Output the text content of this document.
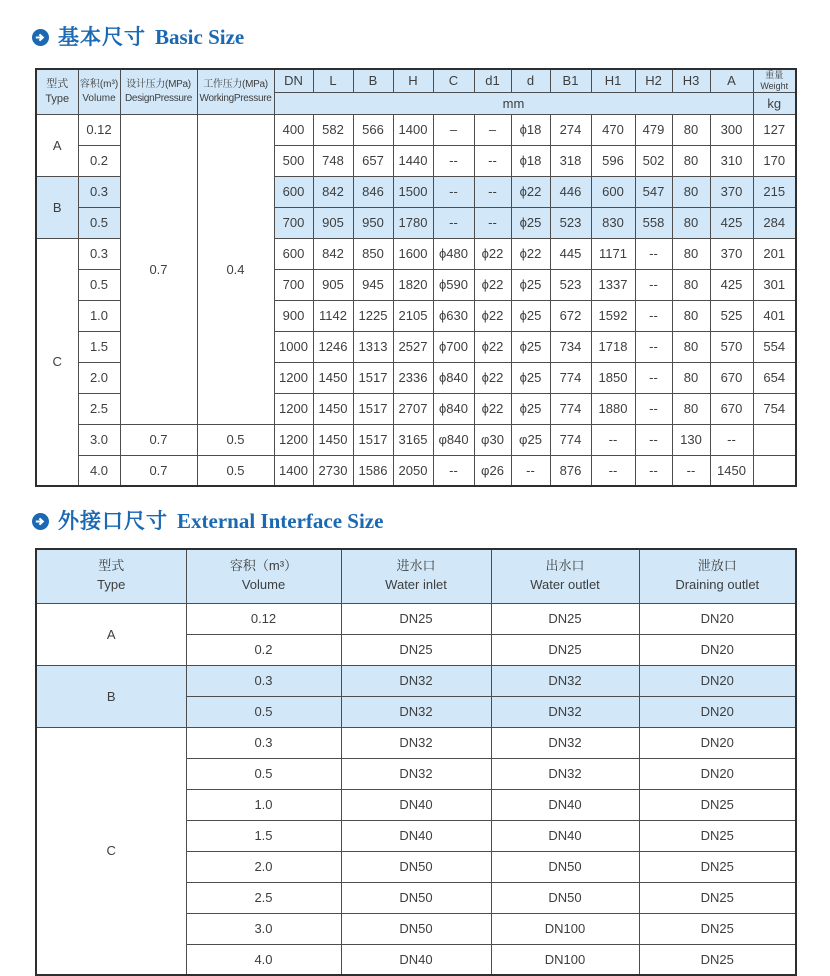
基本尺寸 Basic Size
型式
Type

容积(m³)
Volume

设计压力(MPa)
DesignPressure

工作压力(MPa)
WorkingPressure
	DN	L	B	H	C	d1	d	B1	H1	H2	H3	A	重量
Weight

				mm												kg
A	0.12	0.7	0.4	400	582	566	1400	–	–	ϕ18	274	470	479	80	300	127
	0.2			500	748	657	1440	--	--	ϕ18	318	596	502	80	310	170
B	0.3			600	842	846	1500	--	--	ϕ22	446	600	547	80	370	215
	0.5			700	905	950	1780	--	--	ϕ25	523	830	558	80	425	284
C	0.3			600	842	850	1600	ϕ480	ϕ22	ϕ22	445	1171	--	80	370	201
	0.5			700	905	945	1820	ϕ590	ϕ22	ϕ25	523	1337	--	80	425	301
	1.0			900	1142	1225	2105	ϕ630	ϕ22	ϕ25	672	1592	--	80	525	401
	1.5			1000	1246	1313	2527	ϕ700	ϕ22	ϕ25	734	1718	--	80	570	554
	2.0			1200	1450	1517	2336	ϕ840	ϕ22	ϕ25	774	1850	--	80	670	654
	2.5			1200	1450	1517	2707	ϕ840	ϕ22	ϕ25	774	1880	--	80	670	754
	3.0	0.7	0.5	1200	1450	1517	3165	φ840	φ30	φ25	774	--	--	130	--	
	4.0	0.7	0.5	1400	2730	1586	2050	--	φ26	--	876	--	--	--	1450	
外接口尺寸 External Interface Size
型式
Type

容积（m³）
Volume

进水口
Water inlet

出水口
Water outlet

泄放口
Draining outlet

A	0.12	DN25	DN25	DN20
	0.2	DN25	DN25	DN20
B	0.3	DN32	DN32	DN20
	0.5	DN32	DN32	DN20
C	0.3	DN32	DN32	DN20
	0.5	DN32	DN32	DN20
	1.0	DN40	DN40	DN25
	1.5	DN40	DN40	DN25
	2.0	DN50	DN50	DN25
	2.5	DN50	DN50	DN25
	3.0	DN50	DN100	DN25
	4.0	DN40	DN100	DN25
